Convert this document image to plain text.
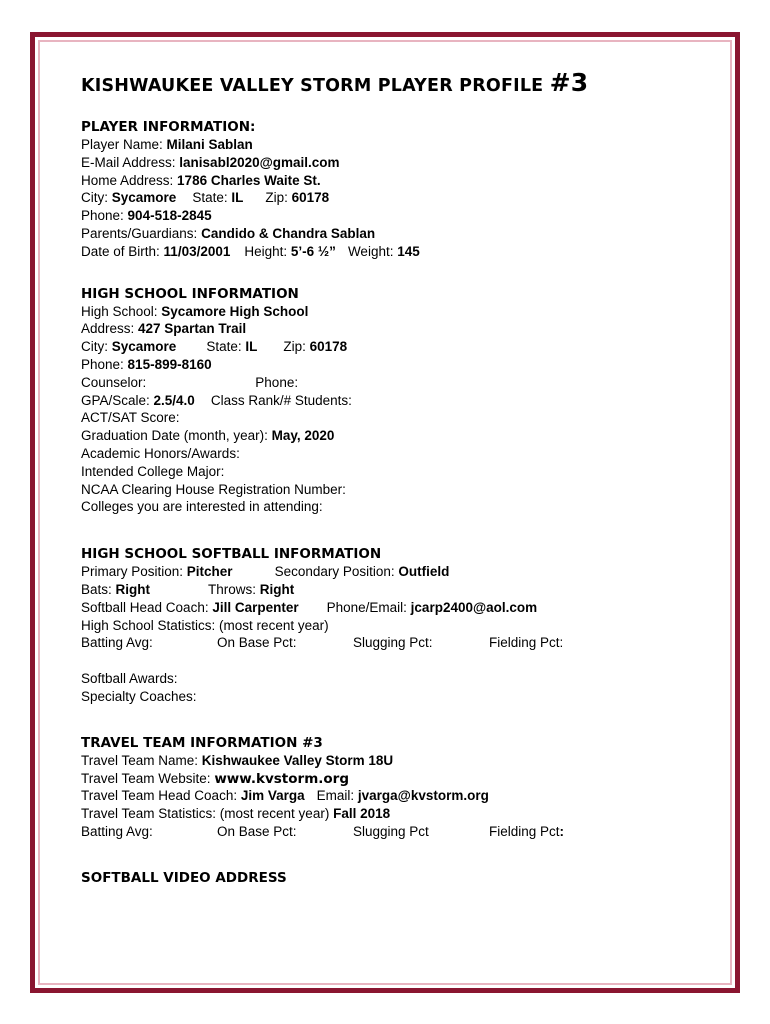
KISHWAUKEE VALLEY STORM PLAYER PROFILE #3
PLAYER INFORMATION:
Player Name: Milani Sablan
E-Mail Address: lanisabl2020@gmail.com
Home Address: 1786 Charles Waite St.
City: Sycamore State: IL Zip: 60178
Phone: 904-518-2845
Parents/Guardians: Candido & Chandra Sablan
Date of Birth: 11/03/2001 Height: 5’-6 ½” Weight: 145
HIGH SCHOOL INFORMATION
High School: Sycamore High School
Address: 427 Spartan Trail
City: Sycamore State: IL Zip: 60178
Phone: 815-899-8160
Counselor:	Phone:
GPA/Scale: 2.5/4.0 Class Rank/# Students:
ACT/SAT Score:
Graduation Date (month, year): May, 2020
Academic Honors/Awards:
Intended College Major:
NCAA Clearing House Registration Number:
Colleges you are interested in attending:
HIGH SCHOOL SOFTBALL INFORMATION
Primary Position: Pitcher	Secondary Position: Outfield
Bats: Right	Throws: Right
Softball Head Coach: Jill Carpenter Phone/Email: jcarp2400@aol.com
High School Statistics: (most recent year)
Batting Avg:	On Base Pct:	Slugging Pct:	Fielding Pct:
Softball Awards:
Specialty Coaches:
TRAVEL TEAM INFORMATION #3
Travel Team Name: Kishwaukee Valley Storm 18U
Travel Team Website: www.kvstorm.org
Travel Team Head Coach: Jim Varga Email: jvarga@kvstorm.org
Travel Team Statistics: (most recent year) Fall 2018
Batting Avg:	On Base Pct:	Slugging Pct	Fielding Pct:
SOFTBALL VIDEO ADDRESS
